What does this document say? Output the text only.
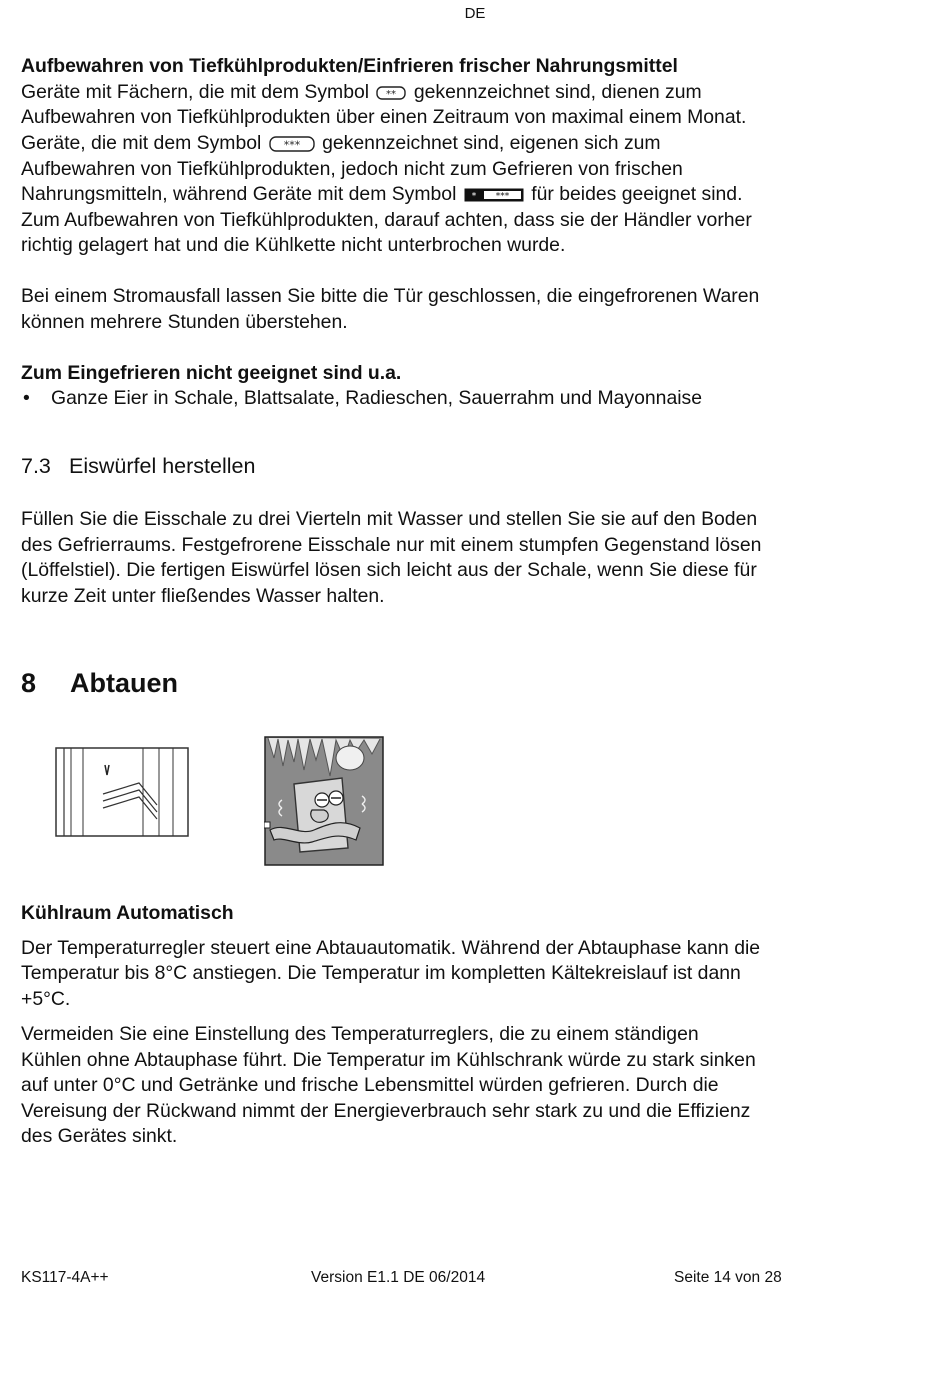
DE
Aufbewahren von Tiefkühlprodukten/Einfrieren frischer Nahrungsmittel
Geräte mit Fächern, die mit dem Symbol ** gekennzeichnet sind, dienen zum
Aufbewahren von Tiefkühlprodukten über einen Zeitraum von maximal einem Monat.
Geräte, die mit dem Symbol *** gekennzeichnet sind, eigenen sich zum
Aufbewahren von Tiefkühlprodukten, jedoch nicht zum Gefrieren von frischen
Nahrungsmitteln, während Geräte mit dem Symbol	***
*	für beides geeignet sind.
Zum Aufbewahren von Tiefkühlprodukten, darauf achten, dass sie der Händler vorher
richtig gelagert hat und die Kühlkette nicht unterbrochen wurde.
Bei einem Stromausfall lassen Sie bitte die Tür geschlossen, die eingefrorenen Waren
können mehrere Stunden überstehen.
Zum Eingefrieren nicht geeignet sind u.a.
• Ganze Eier in Schale, Blattsalate, Radieschen, Sauerrahm und Mayonnaise
7.3 Eiswürfel herstellen
Füllen Sie die Eisschale zu drei Vierteln mit Wasser und stellen Sie sie auf den Boden
des Gefrierraums. Festgefrorene Eisschale nur mit einem stumpfen Gegenstand lösen
(Löffelstiel). Die fertigen Eiswürfel lösen sich leicht aus der Schale, wenn Sie diese für
kurze Zeit unter fließendes Wasser halten.
8 Abtauen
Kühlraum Automatisch
Der Temperaturregler steuert eine Abtauautomatik. Während der Abtauphase kann die
Temperatur bis 8°C anstiegen. Die Temperatur im kompletten Kältekreislauf ist dann
+5°C.
Vermeiden Sie eine Einstellung des Temperaturreglers, die zu einem ständigen
Kühlen ohne Abtauphase führt. Die Temperatur im Kühlschrank würde zu stark sinken
auf unter 0°C und Getränke und frische Lebensmittel würden gefrieren. Durch die
Vereisung der Rückwand nimmt der Energieverbrauch sehr stark zu und die Effizienz
des Gerätes sinkt.
KS117-4A++	Version E1.1 DE 06/2014	Seite 14 von 28
